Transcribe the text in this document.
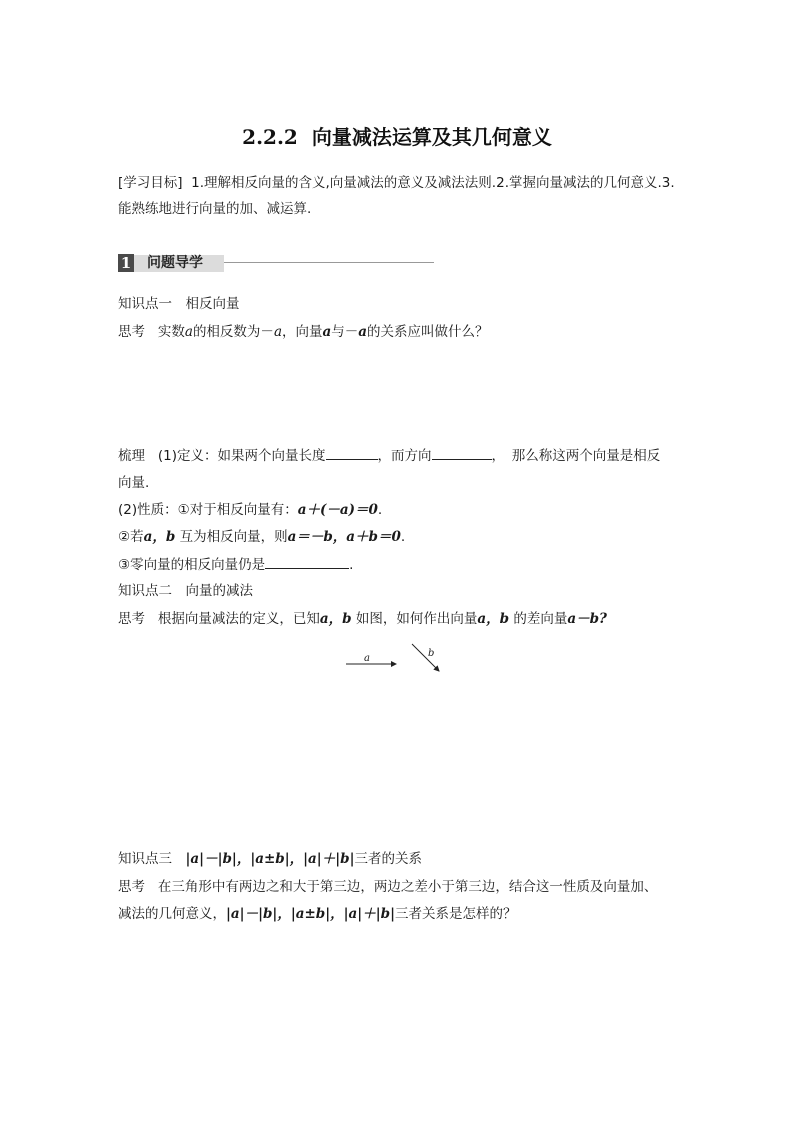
2.2.2 向量减法运算及其几何意义
[学习目标] 1.理解相反向量的含义,向量减法的意义及减法法则.2.掌握向量减法的几何意义.3.
能熟练地进行向量的加、减运算.
1 问题导学
知识点一　相反向量
思考 实数a的相反数为－a，向量a与－a的关系应叫做什么？
梳理 (1)定义：如果两个向量长度	，而方向	，　那么称这两个向量是相反
向量.
(2)性质：①对于相反向量有：a＋(－a)＝0.
②若a，b 互为相反向量，则a＝－b，a＋b＝0.
③零向量的相反向量仍是	.
知识点二　向量的减法
思考 根据向量减法的定义，已知a，b 如图，如何作出向量a，b 的差向量a－b?
a	b
知识点三　|a|－|b|，|a±b|，|a|＋|b|三者的关系
思考 在三角形中有两边之和大于第三边，两边之差小于第三边，结合这一性质及向量加、
减法的几何意义，|a|－|b|，|a±b|，|a|＋|b|三者关系是怎样的？
